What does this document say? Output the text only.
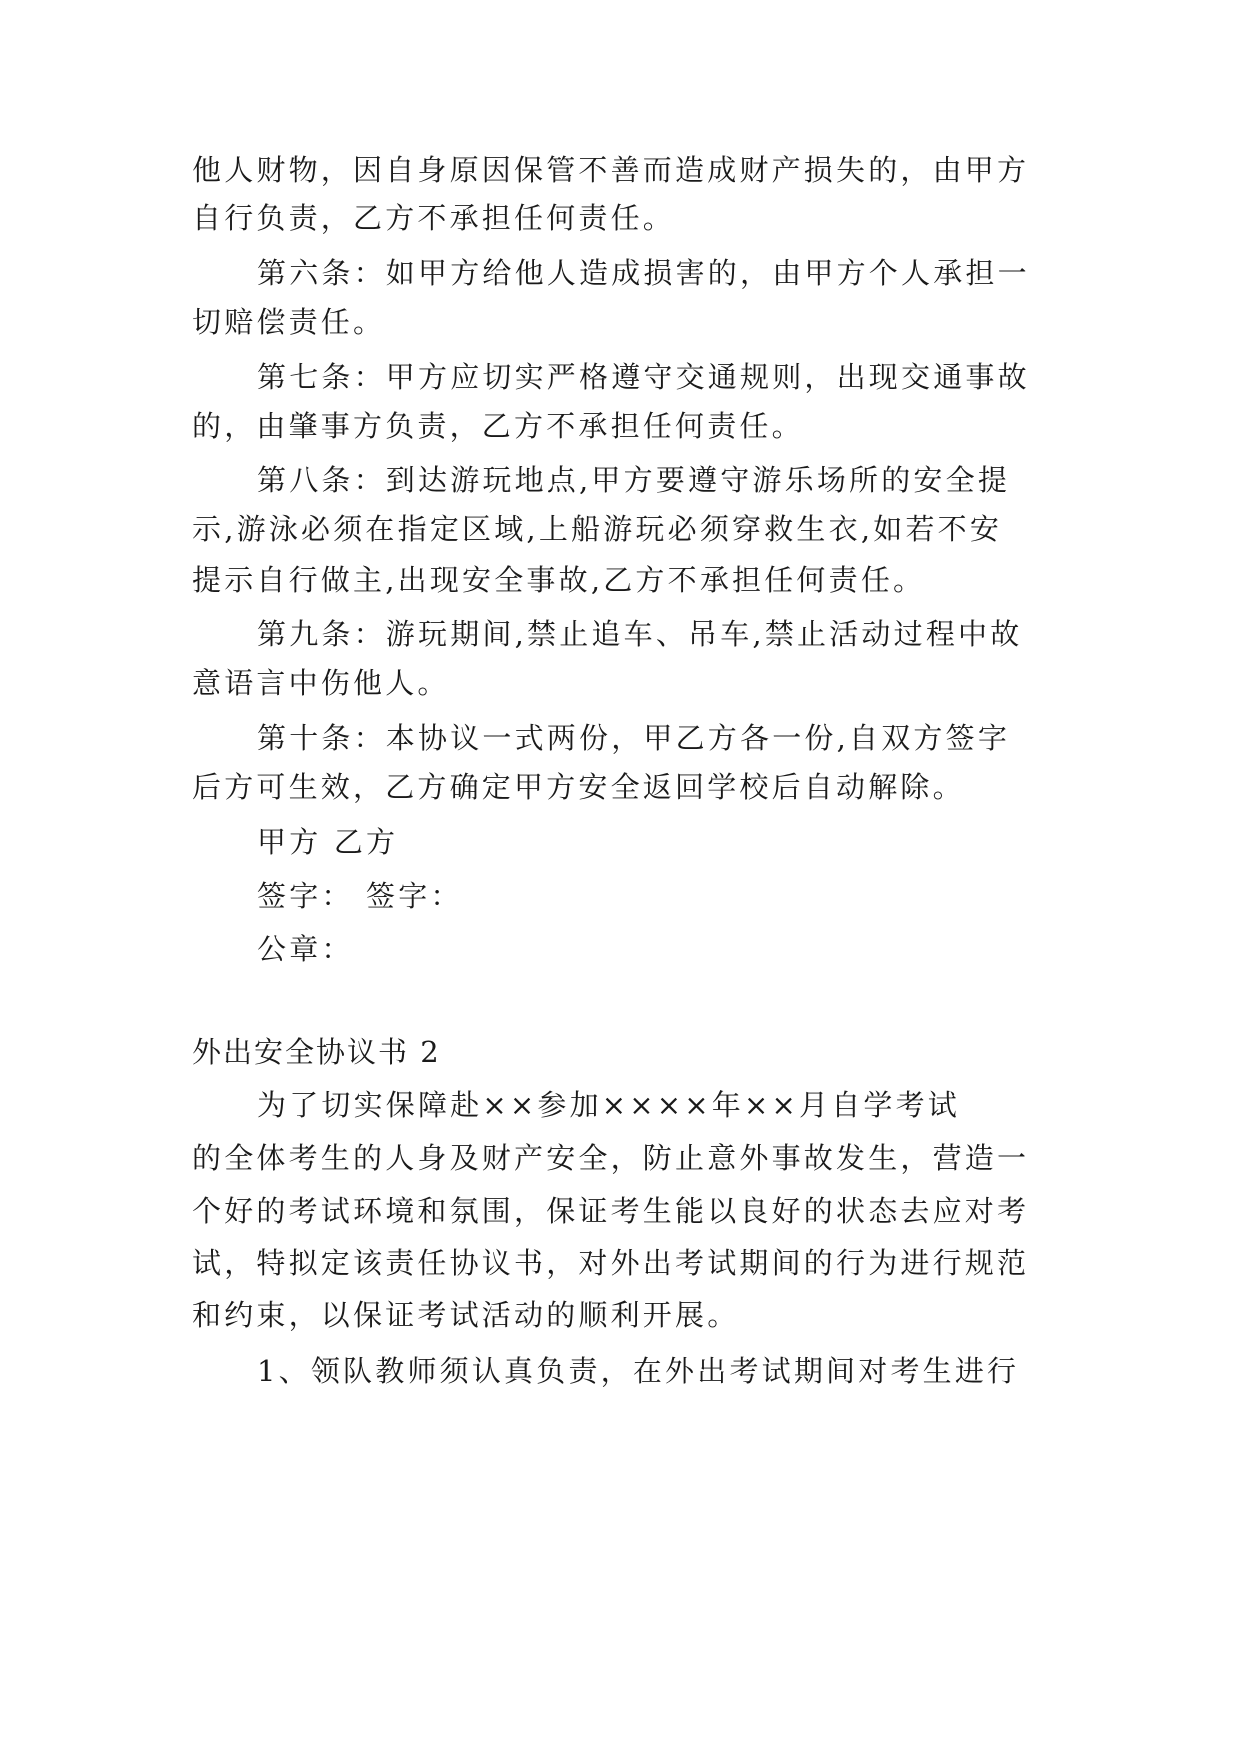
他人财物，因自身原因保管不善而造成财产损失的，由甲方
自行负责，乙方不承担任何责任。
第六条：如甲方给他人造成损害的，由甲方个人承担一
切赔偿责任。
第七条：甲方应切实严格遵守交通规则，出现交通事故
的，由肇事方负责，乙方不承担任何责任。
第八条：到达游玩地点,甲方要遵守游乐场所的安全提
示,游泳必须在指定区域,上船游玩必须穿救生衣,如若不安
提示自行做主,出现安全事故,乙方不承担任何责任。
第九条：游玩期间,禁止追车、吊车,禁止活动过程中故
意语言中伤他人。
第十条：本协议一式两份，甲乙方各一份,自双方签字
后方可生效，乙方确定甲方安全返回学校后自动解除。
甲方 乙方
签字： 签字：
公章：
外出安全协议书 2
为了切实保障赴××参加××××年××月自学考试
的全体考生的人身及财产安全，防止意外事故发生，营造一
个好的考试环境和氛围，保证考生能以良好的状态去应对考
试，特拟定该责任协议书，对外出考试期间的行为进行规范
和约束，以保证考试活动的顺利开展。
1、领队教师须认真负责，在外出考试期间对考生进行
